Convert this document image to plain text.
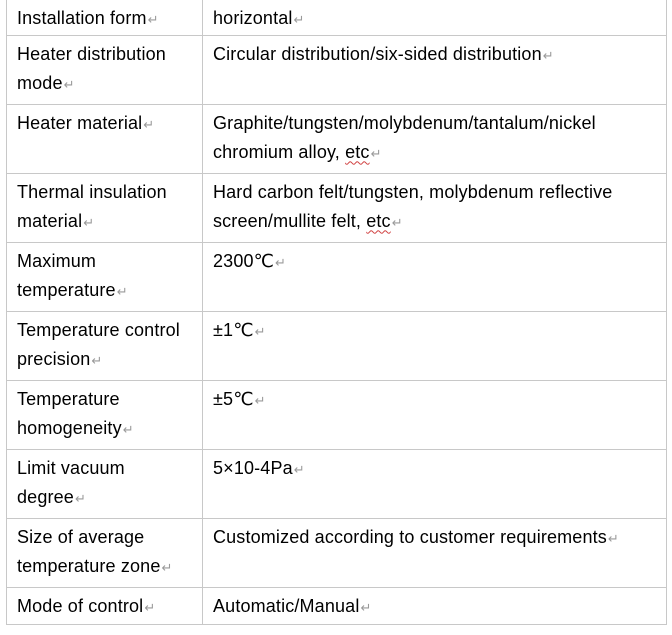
Installation form↵	horizontal↵
Heater distribution mode↵	Circular distribution/six-sided distribution↵
Heater material↵	Graphite/tungsten/molybdenum/tantalum/nickel chromium alloy, etc↵
Thermal insulation material↵	Hard carbon felt/tungsten, molybdenum reflective screen/mullite felt, etc↵
Maximum temperature↵	2300℃↵
Temperature control precision↵	±1℃↵
Temperature homogeneity↵	±5℃↵
Limit vacuum degree↵	5×10-4Pa↵
Size of average temperature zone↵	Customized according to customer requirements↵
Mode of control↵	Automatic/Manual↵
